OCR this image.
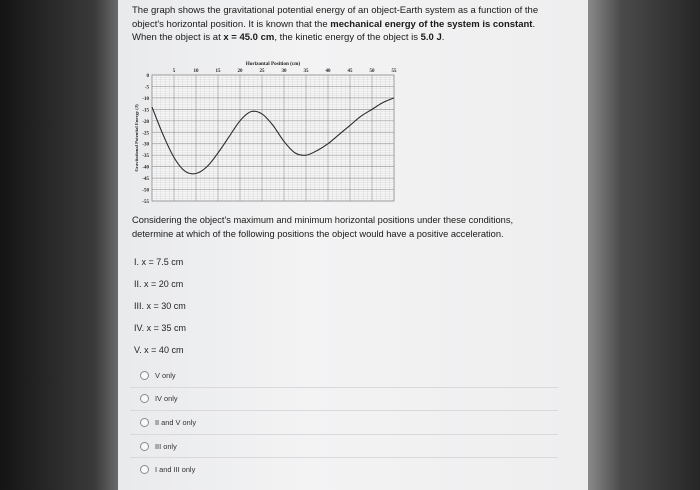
The graph shows the gravitational potential energy of an object-Earth system as a function of the object's horizontal position. It is known that the mechanical energy of the system is constant. When the object is at x = 45.0 cm, the kinetic energy of the object is 5.0 J.
Horizontal Position (cm)
5	10	15	20	25	30	35	40	45	50	55
0
-5
-10
-15
-20
-25
-30
-35
-40
-45
-50
-55
Gravitational Potential Energy (J)
Considering the object's maximum and minimum horizontal positions under these conditions, determine at which of the following positions the object would have a positive acceleration.
I. x = 7.5 cm
II. x = 20 cm
III. x = 30 cm
IV. x = 35 cm
V. x = 40 cm
V only
IV only
II and V only
III only
I and III only
